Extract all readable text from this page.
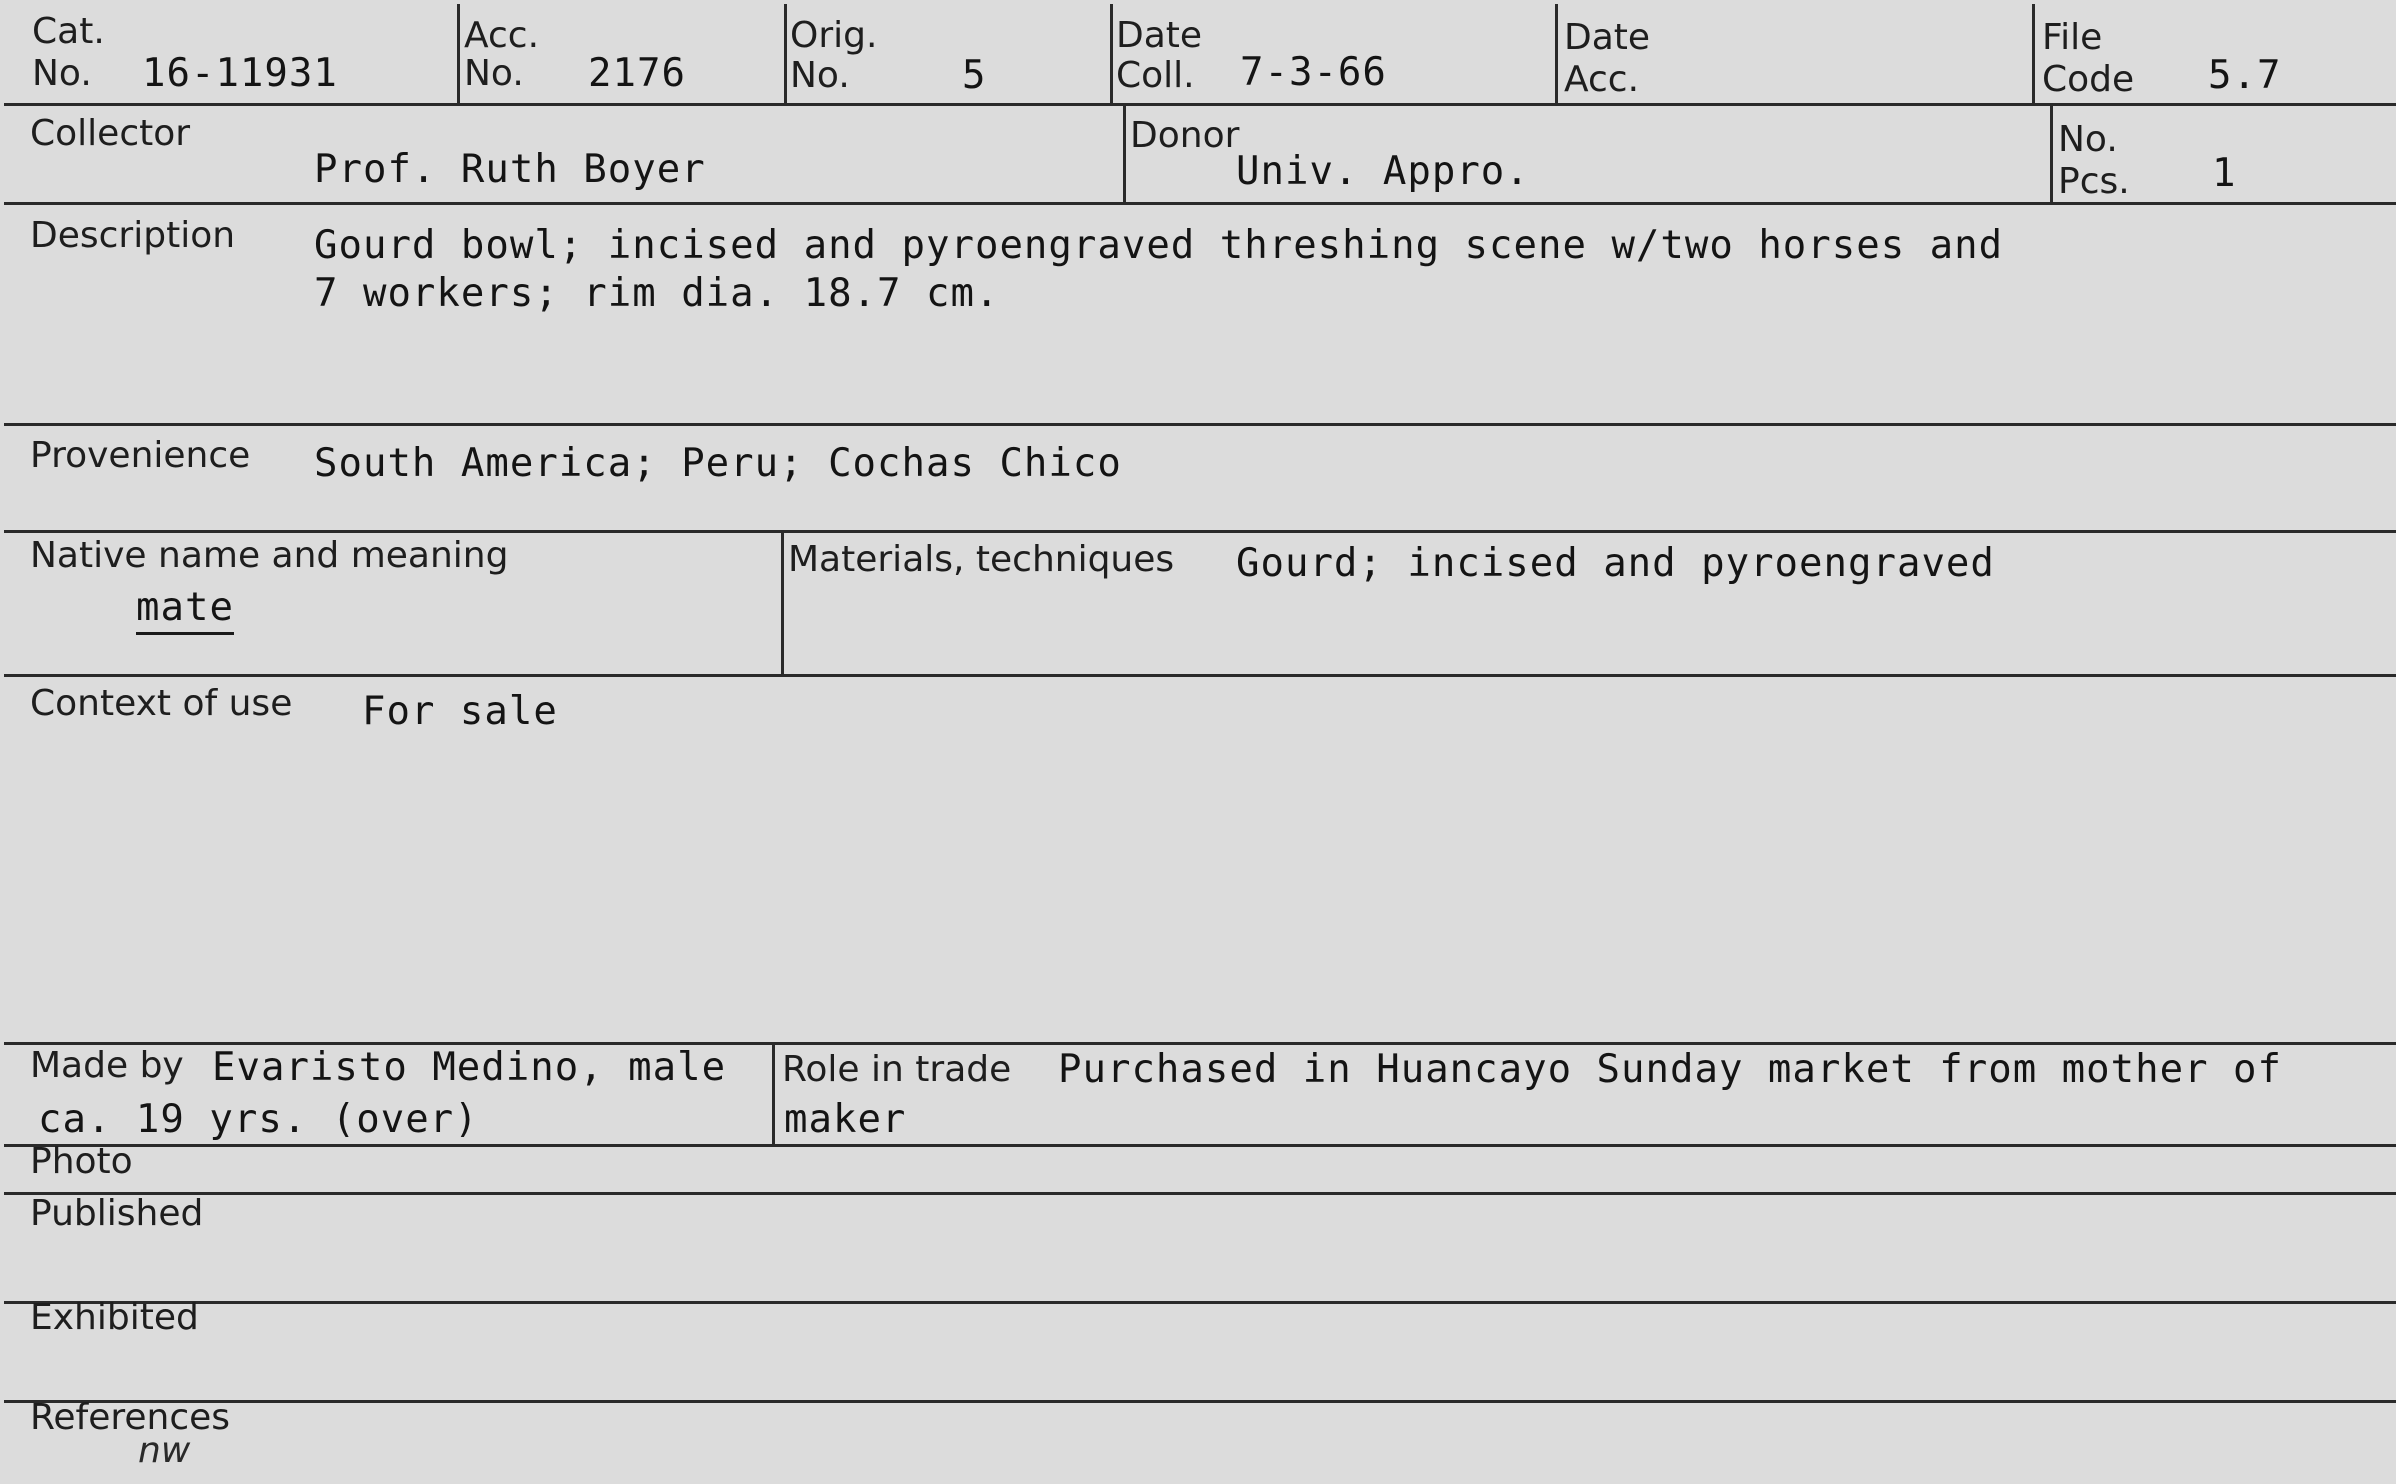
Cat.
No. 16-11931
Acc.
No. 2176
Orig.
No.	5
Date
Coll. 7-3-66
Date
Acc.
File
Code 5.7
Collector
Prof. Ruth Boyer
Donor
Univ. Appro.
No.
Pcs. 1
Description Gourd bowl; incised and pyroengraved threshing scene w/two horses and
7 workers; rim dia. 18.7 cm.
Provenience South America; Peru; Cochas Chico
Native name and meaning
mate
Materials, techniques Gourd; incised and pyroengraved
Context of use For sale
Made by Evaristo Medino, male
ca. 19 yrs. (over)
Role in trade Purchased in Huancayo Sunday market from mother of
maker
Photo
Published
Exhibited
References
nw
